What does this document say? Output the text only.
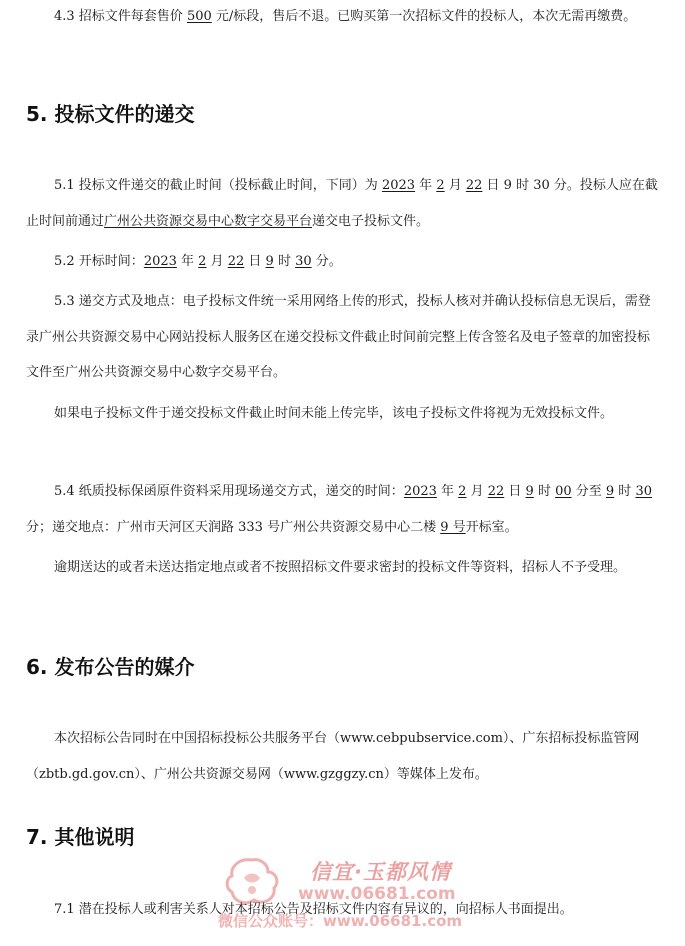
4.3 招标文件每套售价 500 元/标段，售后不退。已购买第一次招标文件的投标人，本次无需再缴费。

5. 投标文件的递交

5.1 投标文件递交的截止时间（投标截止时间，下同）为 2023 年 2 月 22 日 9 时 30 分。投标人应在截止时间前通过广州公共资源交易中心数字交易平台递交电子投标文件。

5.2 开标时间：2023 年 2 月 22 日 9 时 30 分。

5.3 递交方式及地点：电子投标文件统一采用网络上传的形式，投标人核对并确认投标信息无误后，需登录广州公共资源交易中心网站投标人服务区在递交投标文件截止时间前完整上传含签名及电子签章的加密投标文件至广州公共资源交易中心数字交易平台。

如果电子投标文件于递交投标文件截止时间未能上传完毕，该电子投标文件将视为无效投标文件。

5.4 纸质投标保函原件资料采用现场递交方式，递交的时间：2023 年 2 月 22 日 9 时 00 分至 9 时 30 分；递交地点：广州市天河区天润路 333 号广州公共资源交易中心二楼 9 号开标室。

逾期送达的或者未送达指定地点或者不按照招标文件要求密封的投标文件等资料，招标人不予受理。

6. 发布公告的媒介

本次招标公告同时在中国招标投标公共服务平台（www.cebpubservice.com）、广东招标投标监管网（zbtb.gd.gov.cn）、广州公共资源交易网（www.gzggzy.cn）等媒体上发布。

7. 其他说明

7.1 潜在投标人或利害关系人对本招标公告及招标文件内容有异议的，向招标人书面提出。

信宜·玉都风情
www.06681.com
微信公众账号：www.06681.com
